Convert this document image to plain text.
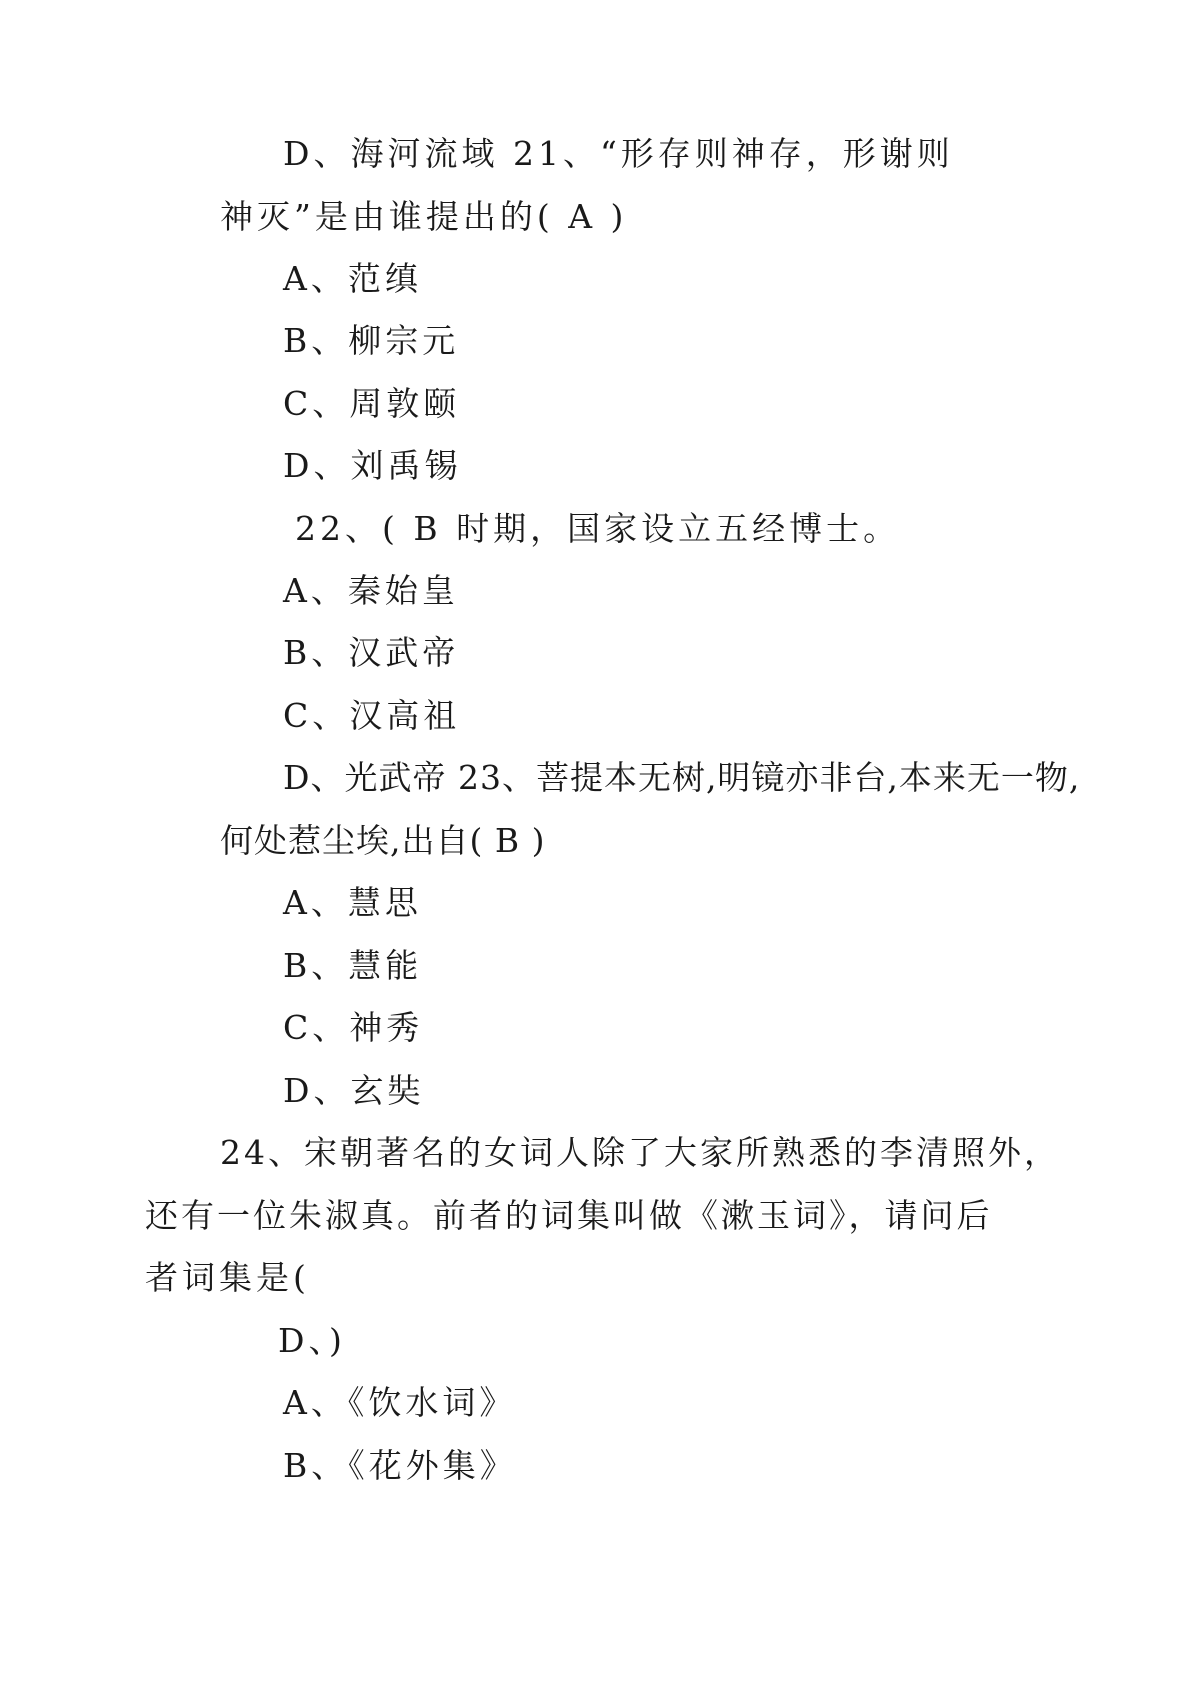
D、海河流域 21、“形存则神存，形谢则
神灭”是由谁提出的( A )
A、范缜
B、柳宗元
C、周敦颐
D、刘禹锡
22、( B 时期，国家设立五经博士。
A、秦始皇
B、汉武帝
C、汉高祖
D、光武帝 23、菩提本无树,明镜亦非台,本来无一物,
何处惹尘埃,出自( B )
A、慧思
B、慧能
C、神秀
D、玄奘
24、宋朝著名的女词人除了大家所熟悉的李清照外，
还有一位朱淑真。前者的词集叫做《漱玉词》，请问后
者词集是(
D、)
A、《饮水词》
B、《花外集》
